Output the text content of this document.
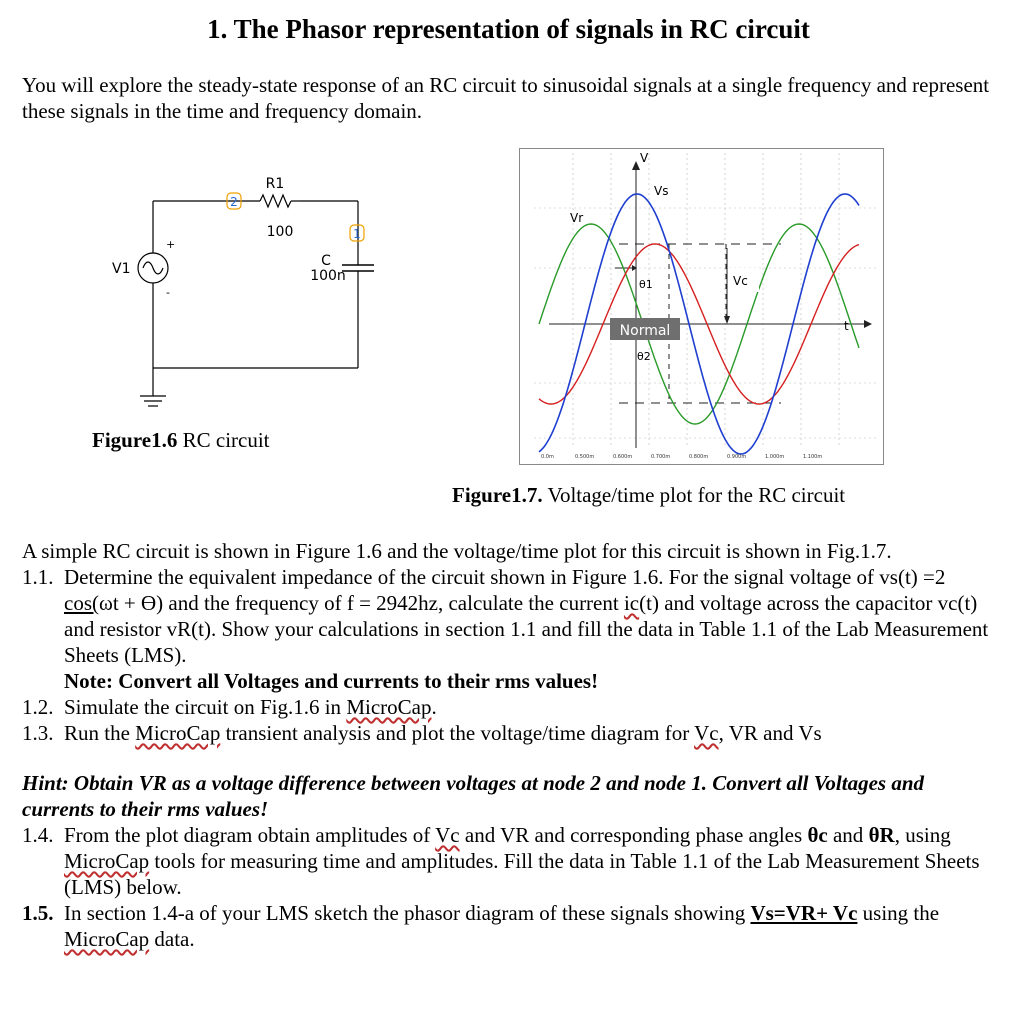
1. The Phasor representation of signals in RC circuit
You will explore the steady-state response of an RC circuit to sinusoidal signals at a single frequency and represent these signals in the time and frequency domain.
2
1
R1
100
C
100n
V1
+
-
Figure1.6 RC circuit
Normal
V
t
Vs
Vr
Vc
θ1
θ2
0.0m	0.500m	0.600m	0.700m	0.800m	0.900m	1.000m	1.100m
Figure1.7. Voltage/time plot for the RC circuit
A simple RC circuit is shown in Figure 1.6 and the voltage/time plot for this circuit is shown in Fig.1.7.
1.1. Determine the equivalent impedance of the circuit shown in Figure 1.6. For the signal voltage of vs(t) =2 cos(ωt + Ө) and the frequency of f = 2942hz, calculate the current ic(t) and voltage across the capacitor vc(t) and resistor vR(t). Show your calculations in section 1.1 and fill the data in Table 1.1 of the Lab Measurement Sheets (LMS).
Note: Convert all Voltages and currents to their rms values!
1.2. Simulate the circuit on Fig.1.6 in MicroCap.
1.3. Run the MicroCap transient analysis and plot the voltage/time diagram for Vc, VR and Vs
Hint: Obtain VR as a voltage difference between voltages at node 2 and node 1. Convert all Voltages and currents to their rms values!
1.4. From the plot diagram obtain amplitudes of Vc and VR and corresponding phase angles θc and θR, using MicroCap tools for measuring time and amplitudes. Fill the data in Table 1.1 of the Lab Measurement Sheets (LMS) below.
1.5. In section 1.4-a of your LMS sketch the phasor diagram of these signals showing Vs=VR+ Vc using the MicroCap data.
